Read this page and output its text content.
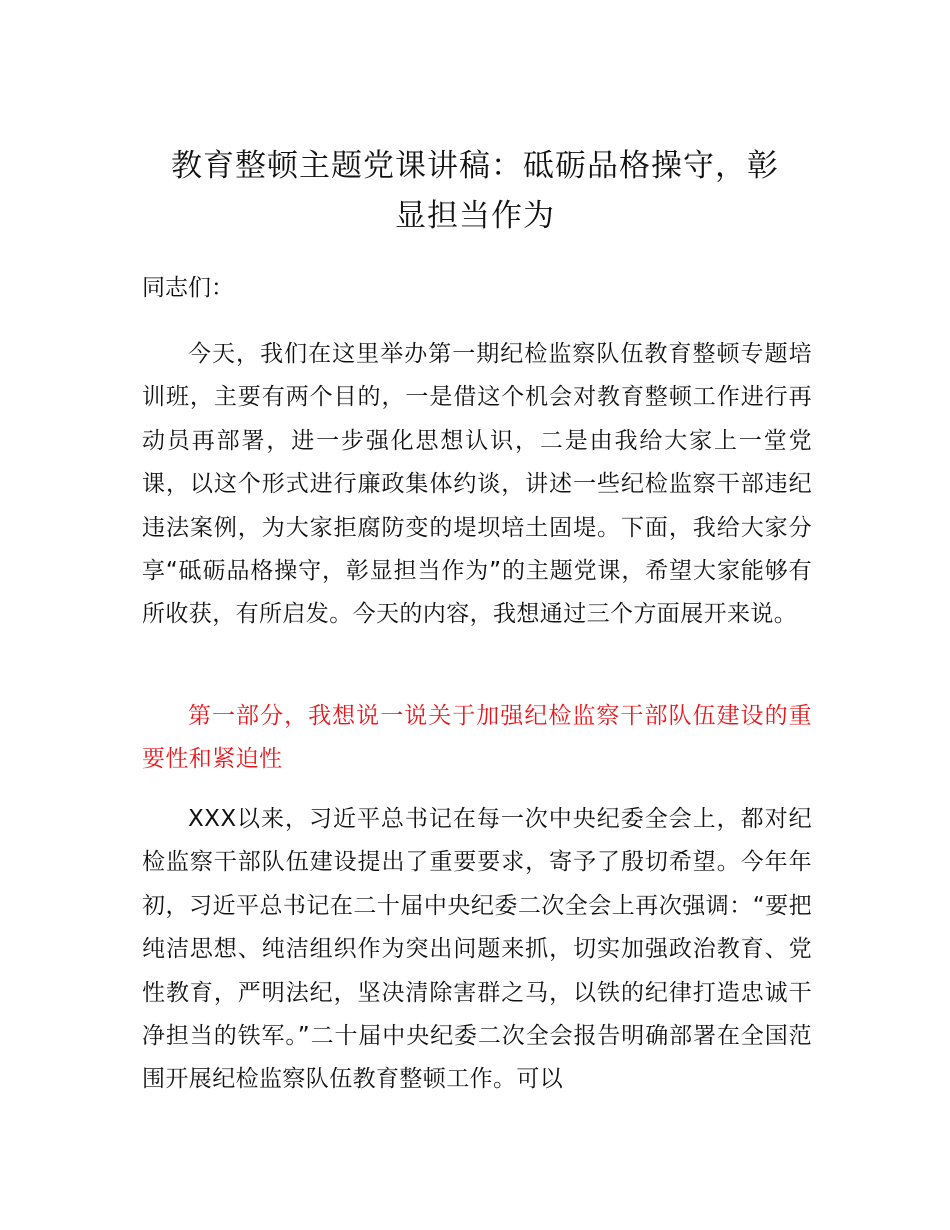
教育整顿主题党课讲稿：砥砺品格操守，彰
显担当作为
同志们：
今天，我们在这里举办第一期纪检监察队伍教育整顿专题培训班，主要有两个目的，一是借这个机会对教育整顿工作进行再动员再部署，进一步强化思想认识，二是由我给大家上一堂党课，以这个形式进行廉政集体约谈，讲述一些纪检监察干部违纪违法案例，为大家拒腐防变的堤坝培土固堤。下面，我给大家分享“砥砺品格操守，彰显担当作为”的主题党课，希望大家能够有所收获，有所启发。今天的内容，我想通过三个方面展开来说。
第一部分，我想说一说关于加强纪检监察干部队伍建设的重要性和紧迫性
XXX以来，习近平总书记在每一次中央纪委全会上，都对纪检监察干部队伍建设提出了重要要求，寄予了殷切希望。今年年初，习近平总书记在二十届中央纪委二次全会上再次强调：“要把纯洁思想、纯洁组织作为突出问题来抓，切实加强政治教育、党性教育，严明法纪，坚决清除害群之马，以铁的纪律打造忠诚干净担当的铁军。”二十届中央纪委二次全会报告明确部署在全国范围开展纪检监察队伍教育整顿工作。可以
